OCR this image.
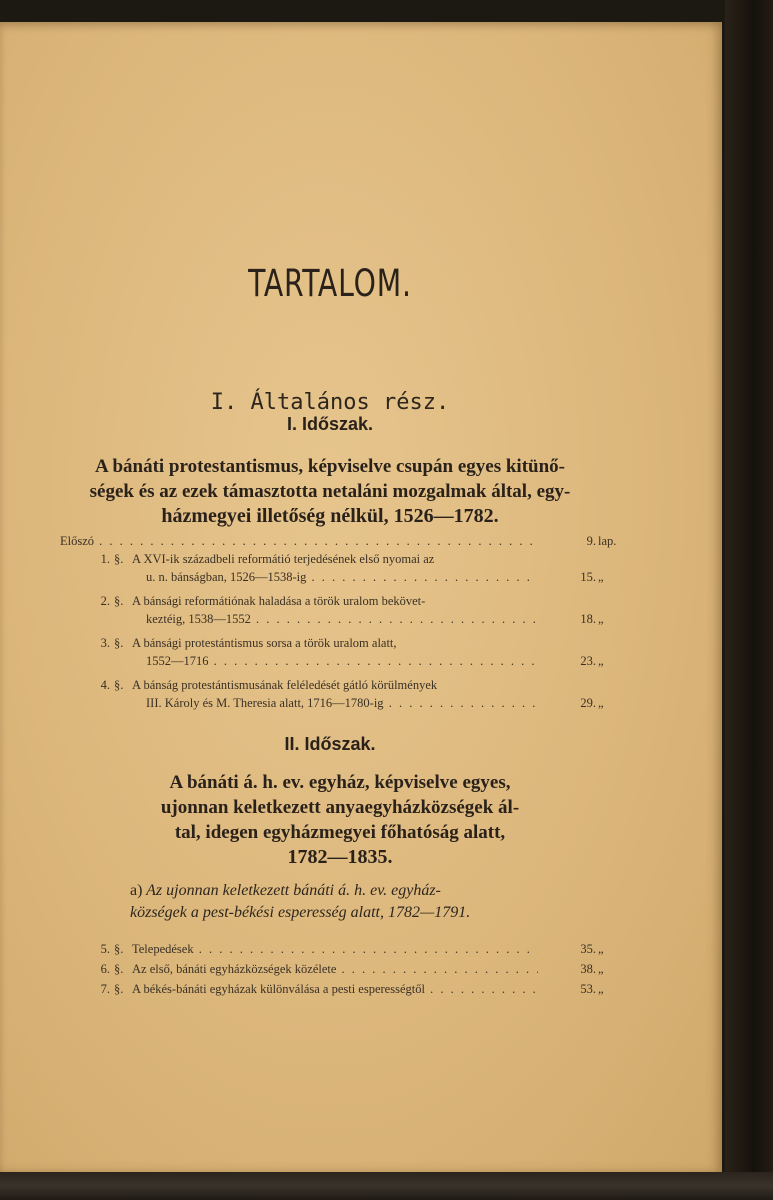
TARTALOM.
I. Általános rész.
I. Időszak.
A bánáti protestantismus, képviselve csupán egyes kitünő-
ségek és az ezek támasztotta netaláni mozgalmak által, egy-
házmegyei illetőség nélkül, 1526—1782.
Előszó . . .	9. lap.
1. §. A XVI-ik századbeli reformátió terjedésének első nyomai az
u. n. bánságban, 1526—1538-ig . . .	15. „
2. §. A bánsági reformátiónak haladása a török uralom bekövet-
keztéig, 1538—1552 . . .	18. „
3. §. A bánsági protestántismus sorsa a török uralom alatt,
1552—1716 . . .	23. „
4. §. A bánság protestántismusának feléledését gátló körülmények
III. Károly és M. Theresia alatt, 1716—1780-ig . . .	29. „
II. Időszak.
A bánáti á. h. ev. egyház, képviselve egyes,
ujonnan keletkezett anyaegyházközségek ál-
tal, idegen egyházmegyei főhatóság alatt,
1782—1835.
a) Az ujonnan keletkezett bánáti á. h. ev. egyház-
községek a pest-békési esperesség alatt, 1782—1791.
5. §. Telepedések . . .	35. „
6. §. Az első, bánáti egyházközségek közélete . . .	38. „
7. §. A békés-bánáti egyházak különválása a pesti esperességtől . . .	53. „
